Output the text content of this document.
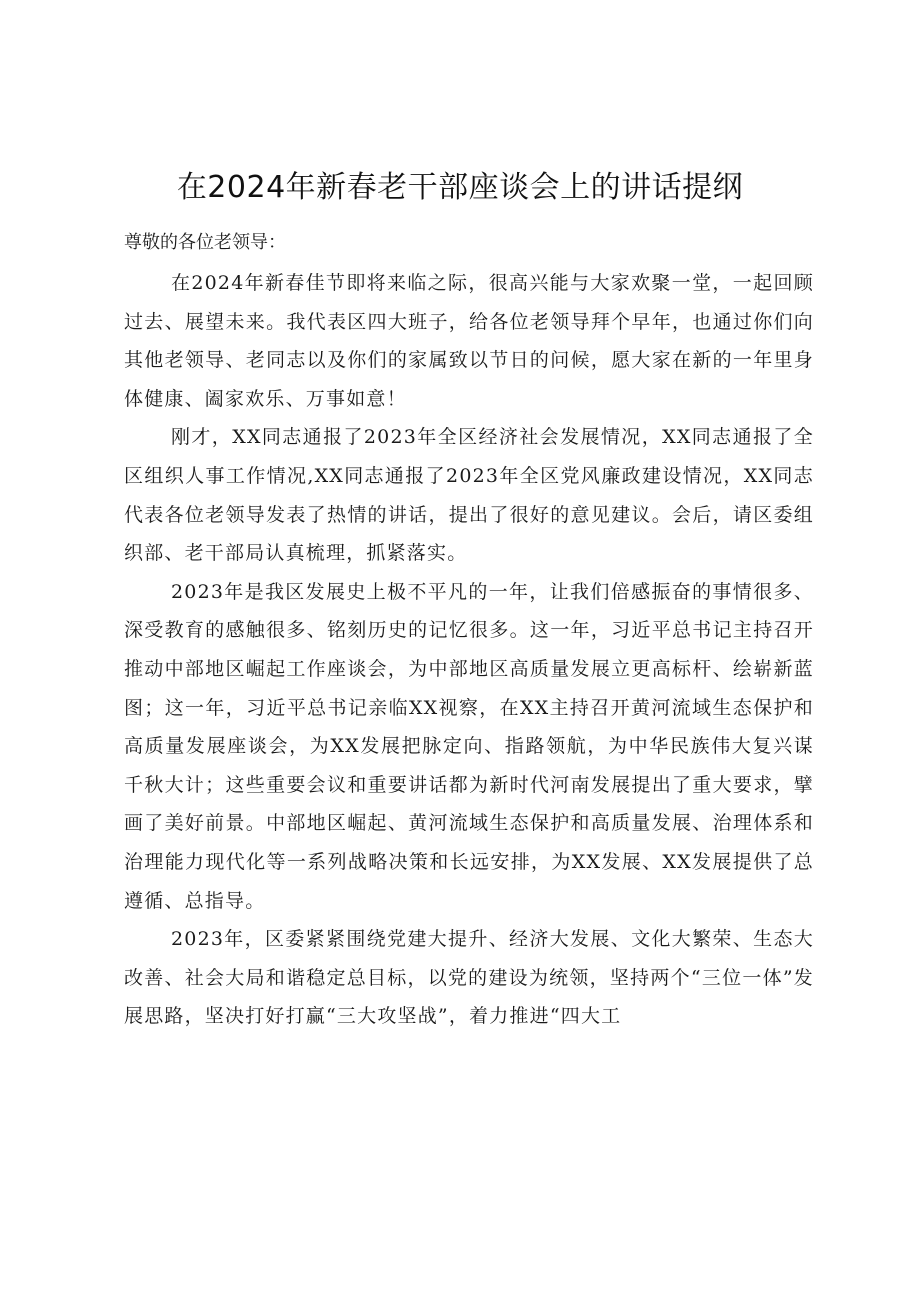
在2024年新春老干部座谈会上的讲话提纲

尊敬的各位老领导：

在2024年新春佳节即将来临之际，很高兴能与大家欢聚一堂，一起回顾过去、展望未来。我代表区四大班子，给各位老领导拜个早年，也通过你们向其他老领导、老同志以及你们的家属致以节日的问候，愿大家在新的一年里身体健康、阖家欢乐、万事如意！

刚才，XX同志通报了2023年全区经济社会发展情况，XX同志通报了全区组织人事工作情况,XX同志通报了2023年全区党风廉政建设情况，XX同志代表各位老领导发表了热情的讲话，提出了很好的意见建议。会后，请区委组织部、老干部局认真梳理，抓紧落实。

2023年是我区发展史上极不平凡的一年，让我们倍感振奋的事情很多、深受教育的感触很多、铭刻历史的记忆很多。这一年，习近平总书记主持召开推动中部地区崛起工作座谈会，为中部地区高质量发展立更高标杆、绘崭新蓝图；这一年，习近平总书记亲临XX视察，在XX主持召开黄河流域生态保护和高质量发展座谈会，为XX发展把脉定向、指路领航，为中华民族伟大复兴谋千秋大计；这些重要会议和重要讲话都为新时代河南发展提出了重大要求，擘画了美好前景。中部地区崛起、黄河流域生态保护和高质量发展、治理体系和治理能力现代化等一系列战略决策和长远安排，为XX发展、XX发展提供了总遵循、总指导。

2023年，区委紧紧围绕党建大提升、经济大发展、文化大繁荣、生态大改善、社会大局和谐稳定总目标，以党的建设为统领，坚持两个“三位一体”发展思路，坚决打好打赢“三大攻坚战”，着力推进“四大工
